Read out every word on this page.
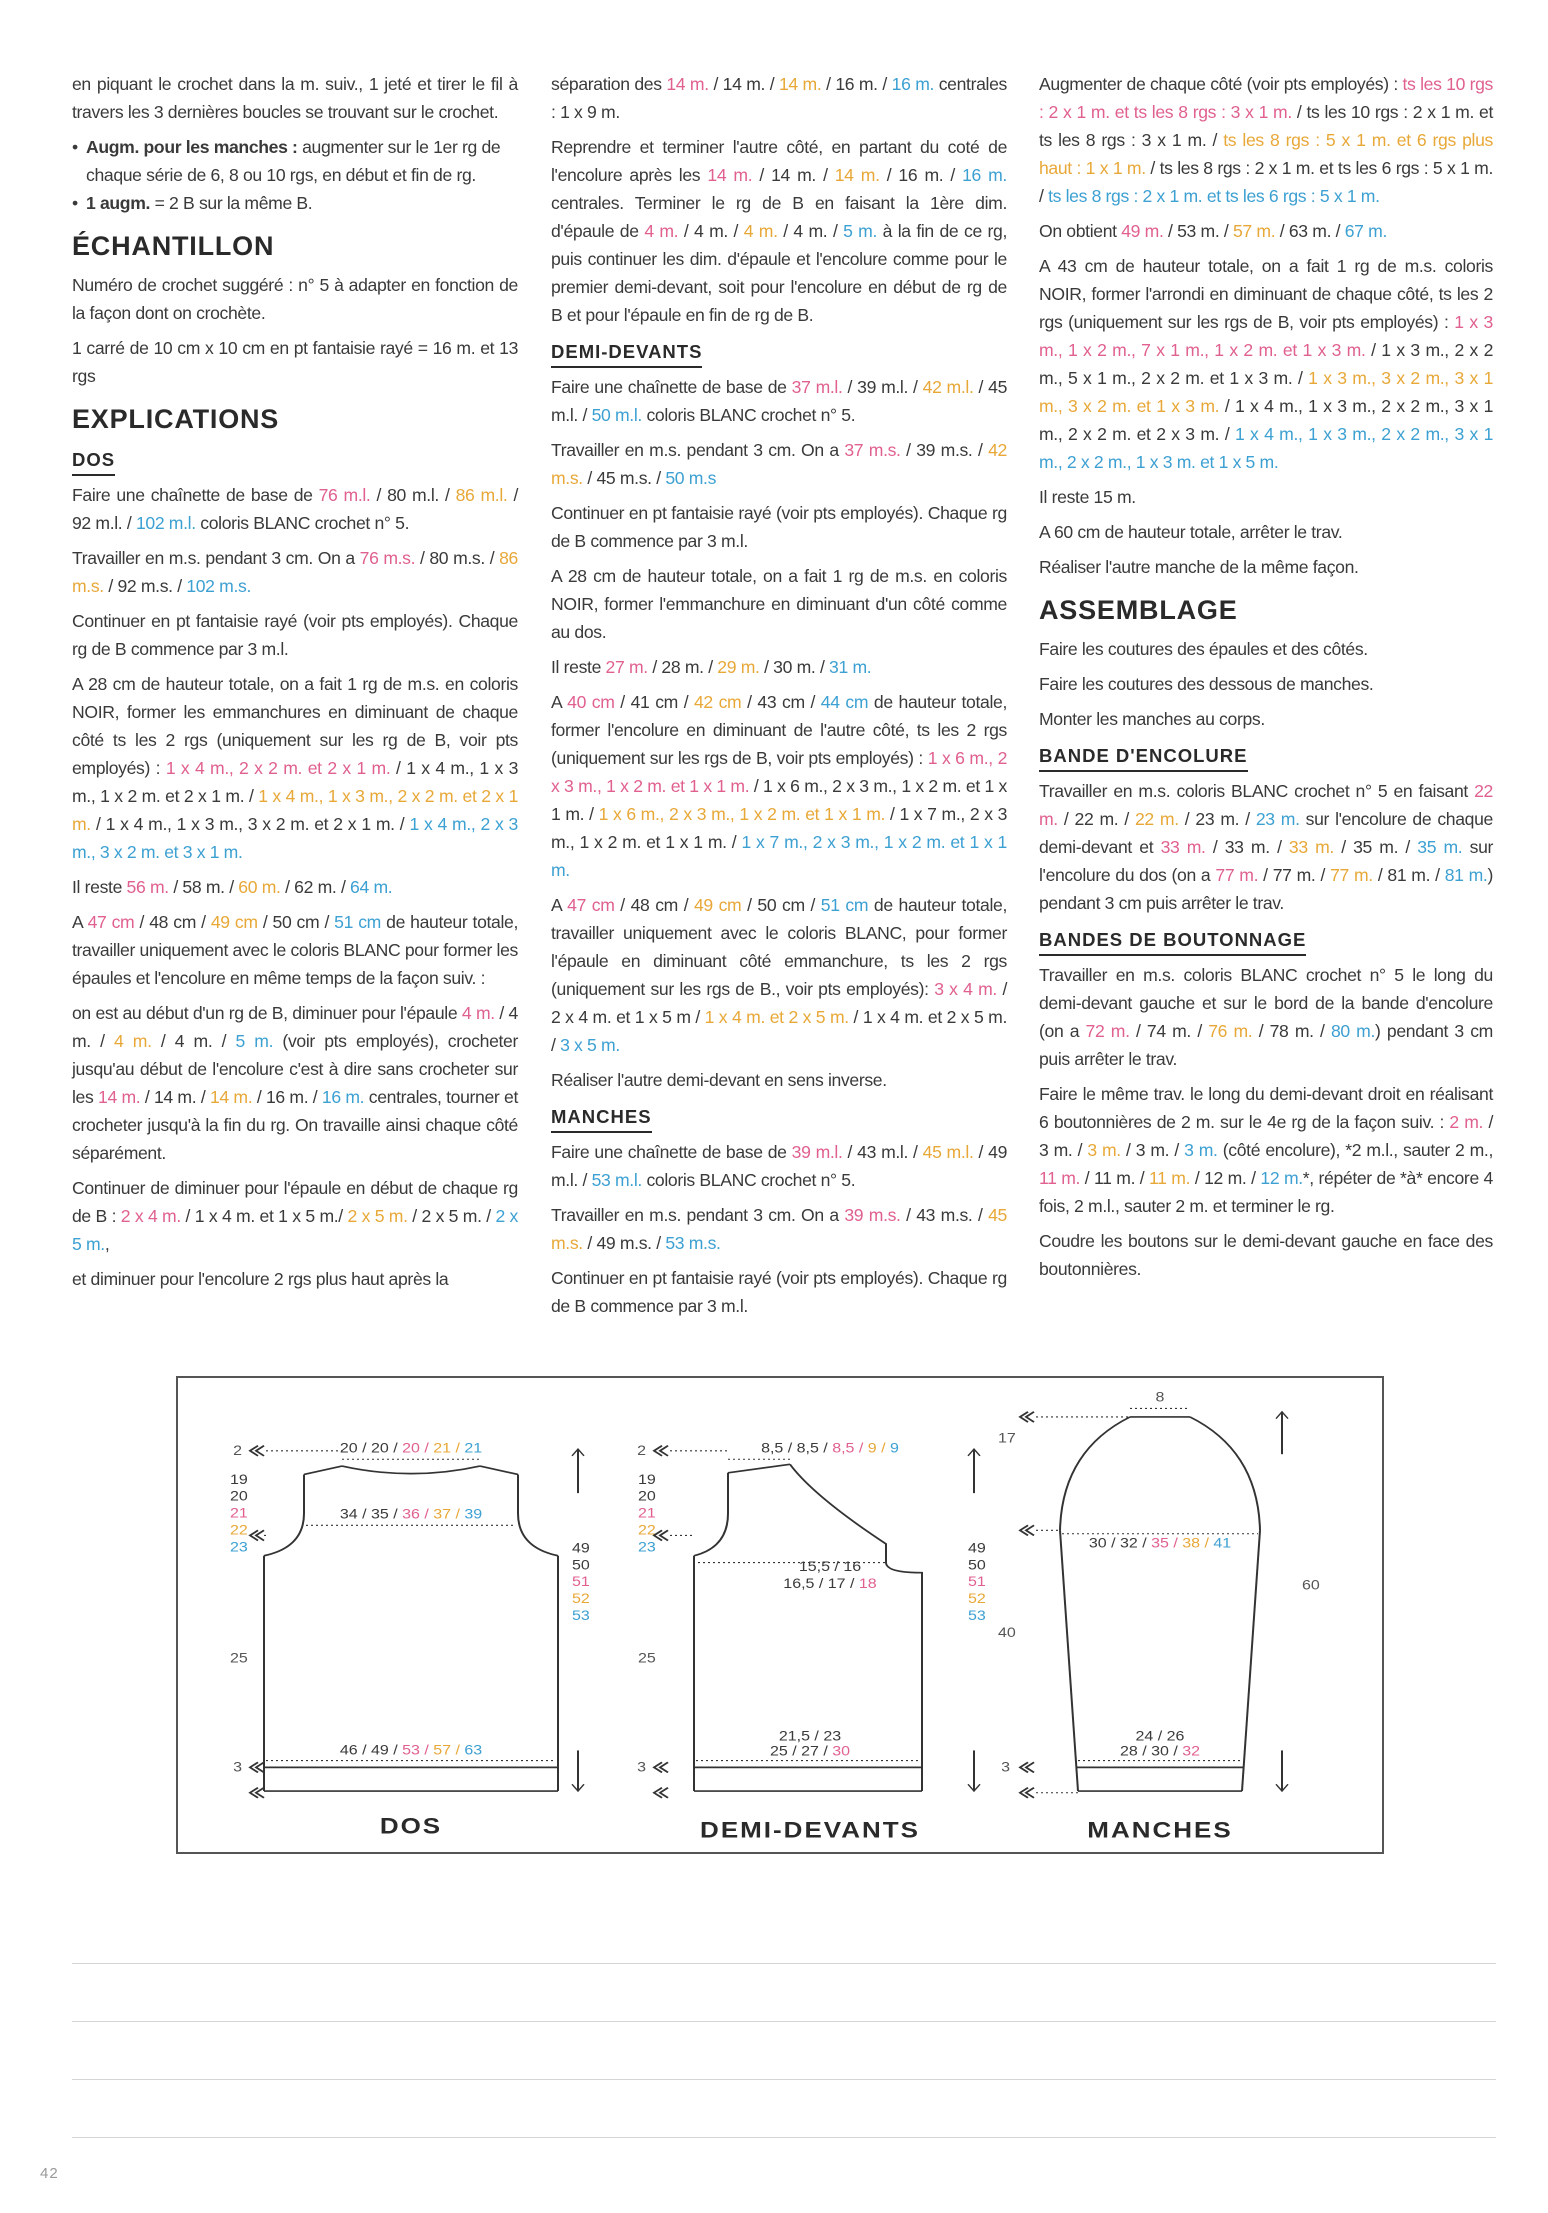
en piquant le crochet dans la m. suiv., 1 jeté et tirer le fil à travers les 3 dernières boucles se trouvant sur le crochet.

• Augm. pour les manches : augmenter sur le 1er rg de chaque série de 6, 8 ou 10 rgs, en début et fin de rg.
• 1 augm. = 2 B sur la même B.
ÉCHANTILLON

Numéro de crochet suggéré : n° 5 à adapter en fonction de la façon dont on crochète.

1 carré de 10 cm x 10 cm en pt fantaisie rayé = 16 m. et 13 rgs

EXPLICATIONS
DOS

Faire une chaînette de base de 76 m.l. / 80 m.l. / 86 m.l. / 92 m.l. / 102 m.l. coloris BLANC crochet n° 5.

Travailler en m.s. pendant 3 cm. On a 76 m.s. / 80 m.s. / 86 m.s. / 92 m.s. / 102 m.s.

Continuer en pt fantaisie rayé (voir pts employés). Chaque rg de B commence par 3 m.l.

A 28 cm de hauteur totale, on a fait 1 rg de m.s. en coloris NOIR, former les emmanchures en diminuant de chaque côté ts les 2 rgs (uniquement sur les rg de B, voir pts employés) : 1 x 4 m., 2 x 2 m. et 2 x 1 m. / 1 x 4 m., 1 x 3 m., 1 x 2 m. et 2 x 1 m. / 1 x 4 m., 1 x 3 m., 2 x 2 m. et 2 x 1 m. / 1 x 4 m., 1 x 3 m., 3 x 2 m. et 2 x 1 m. / 1 x 4 m., 2 x 3 m., 3 x 2 m. et 3 x 1 m.

Il reste 56 m. / 58 m. / 60 m. / 62 m. / 64 m.

A 47 cm / 48 cm / 49 cm / 50 cm / 51 cm de hauteur totale, travailler uniquement avec le coloris BLANC pour former les épaules et l'encolure en même temps de la façon suiv. :

on est au début d'un rg de B, diminuer pour l'épaule 4 m. / 4 m. / 4 m. / 4 m. / 5 m. (voir pts employés), crocheter jusqu'au début de l'encolure c'est à dire sans crocheter sur les 14 m. / 14 m. / 14 m. / 16 m. / 16 m. centrales, tourner et crocheter jusqu'à la fin du rg. On travaille ainsi chaque côté séparément.

Continuer de diminuer pour l'épaule en début de chaque rg de B : 2 x 4 m. / 1 x 4 m. et 1 x 5 m./ 2 x 5 m. / 2 x 5 m. / 2 x 5 m.,

et diminuer pour l'encolure 2 rgs plus haut après la

séparation des 14 m. / 14 m. / 14 m. / 16 m. / 16 m. centrales : 1 x 9 m.

Reprendre et terminer l'autre côté, en partant du coté de l'encolure après les 14 m. / 14 m. / 14 m. / 16 m. / 16 m. centrales. Terminer le rg de B en faisant la 1ère dim. d'épaule de 4 m. / 4 m. / 4 m. / 4 m. / 5 m. à la fin de ce rg, puis continuer les dim. d'épaule et l'encolure comme pour le premier demi-devant, soit pour l'encolure en début de rg de B et pour l'épaule en fin de rg de B.

DEMI-DEVANTS

Faire une chaînette de base de 37 m.l. / 39 m.l. / 42 m.l. / 45 m.l. / 50 m.l. coloris BLANC crochet n° 5.

Travailler en m.s. pendant 3 cm. On a 37 m.s. / 39 m.s. / 42 m.s. / 45 m.s. / 50 m.s

Continuer en pt fantaisie rayé (voir pts employés). Chaque rg de B commence par 3 m.l.

A 28 cm de hauteur totale, on a fait 1 rg de m.s. en coloris NOIR, former l'emmanchure en diminuant d'un côté comme au dos.

Il reste 27 m. / 28 m. / 29 m. / 30 m. / 31 m.

A 40 cm / 41 cm / 42 cm / 43 cm / 44 cm de hauteur totale, former l'encolure en diminuant de l'autre côté, ts les 2 rgs (uniquement sur les rgs de B, voir pts employés) : 1 x 6 m., 2 x 3 m., 1 x 2 m. et 1 x 1 m. / 1 x 6 m., 2 x 3 m., 1 x 2 m. et 1 x 1 m. / 1 x 6 m., 2 x 3 m., 1 x 2 m. et 1 x 1 m. / 1 x 7 m., 2 x 3 m., 1 x 2 m. et 1 x 1 m. / 1 x 7 m., 2 x 3 m., 1 x 2 m. et 1 x 1 m.

A 47 cm / 48 cm / 49 cm / 50 cm / 51 cm de hauteur totale, travailler uniquement avec le coloris BLANC, pour former l'épaule en diminuant côté emmanchure, ts les 2 rgs (uniquement sur les rgs de B., voir pts employés): 3 x 4 m. / 2 x 4 m. et 1 x 5 m / 1 x 4 m. et 2 x 5 m. / 1 x 4 m. et 2 x 5 m. / 3 x 5 m.

Réaliser l'autre demi-devant en sens inverse.

MANCHES

Faire une chaînette de base de 39 m.l. / 43 m.l. / 45 m.l. / 49 m.l. / 53 m.l. coloris BLANC crochet n° 5.

Travailler en m.s. pendant 3 cm. On a 39 m.s. / 43 m.s. / 45 m.s. / 49 m.s. / 53 m.s.

Continuer en pt fantaisie rayé (voir pts employés). Chaque rg de B commence par 3 m.l.

Augmenter de chaque côté (voir pts employés) : ts les 10 rgs : 2 x 1 m. et ts les 8 rgs : 3 x 1 m. / ts les 10 rgs : 2 x 1 m. et ts les 8 rgs : 3 x 1 m. / ts les 8 rgs : 5 x 1 m. et 6 rgs plus haut : 1 x 1 m. / ts les 8 rgs : 2 x 1 m. et ts les 6 rgs : 5 x 1 m. / ts les 8 rgs : 2 x 1 m. et ts les 6 rgs : 5 x 1 m.

On obtient 49 m. / 53 m. / 57 m. / 63 m. / 67 m.

A 43 cm de hauteur totale, on a fait 1 rg de m.s. coloris NOIR, former l'arrondi en diminuant de chaque côté, ts les 2 rgs (uniquement sur les rgs de B, voir pts employés) : 1 x 3 m., 1 x 2 m., 7 x 1 m., 1 x 2 m. et 1 x 3 m. / 1 x 3 m., 2 x 2 m., 5 x 1 m., 2 x 2 m. et 1 x 3 m. / 1 x 3 m., 3 x 2 m., 3 x 1 m., 3 x 2 m. et 1 x 3 m. / 1 x 4 m., 1 x 3 m., 2 x 2 m., 3 x 1 m., 2 x 2 m. et 2 x 3 m. / 1 x 4 m., 1 x 3 m., 2 x 2 m., 3 x 1 m., 2 x 2 m., 1 x 3 m. et 1 x 5 m.

Il reste 15 m.

A 60 cm de hauteur totale, arrêter le trav.

Réaliser l'autre manche de la même façon.

ASSEMBLAGE

Faire les coutures des épaules et des côtés.

Faire les coutures des dessous de manches.

Monter les manches au corps.

BANDE D'ENCOLURE

Travailler en m.s. coloris BLANC crochet n° 5 en faisant 22 m. / 22 m. / 22 m. / 23 m. / 23 m. sur l'encolure de chaque demi-devant et 33 m. / 33 m. / 33 m. / 35 m. / 35 m. sur l'encolure du dos (on a 77 m. / 77 m. / 77 m. / 81 m. / 81 m.) pendant 3 cm puis arrêter le trav.

BANDES DE BOUTONNAGE

Travailler en m.s. coloris BLANC crochet n° 5 le long du demi-devant gauche et sur le bord de la bande d'encolure (on a 72 m. / 74 m. / 76 m. / 78 m. / 80 m.) pendant 3 cm puis arrêter le trav.

Faire le même trav. le long du demi-devant droit en réalisant 6 boutonnières de 2 m. sur le 4e rg de la façon suiv. : 2 m. / 3 m. / 3 m. / 3 m. / 3 m. (côté encolure), *2 m.l., sauter 2 m., 11 m. / 11 m. / 11 m. / 12 m. / 12 m.*, répéter de *à* encore 4 fois, 2 m.l., sauter 2 m. et terminer le rg.

Coudre les boutons sur le demi-devant gauche en face des boutonnières.

20 / 20 / 20 / 21 / 21
34 / 35 / 36 / 37 / 39
46 / 49 / 53 / 57 / 63
2
19
20
21
22
23
25
3
49
50
51
52
53
DOS
8,5 / 8,5 / 8,5 / 9 / 9
15,5 / 16
16,5 / 17 / 18
21,5 / 23
25 / 27 / 30
2
19
20
21
22
23
25
3
49
50
51
52
53
DEMI-DEVANTS
8
30 / 32 / 35 / 38 / 41
24 / 26
28 / 30 / 32
17
40
3
60
MANCHES
42
